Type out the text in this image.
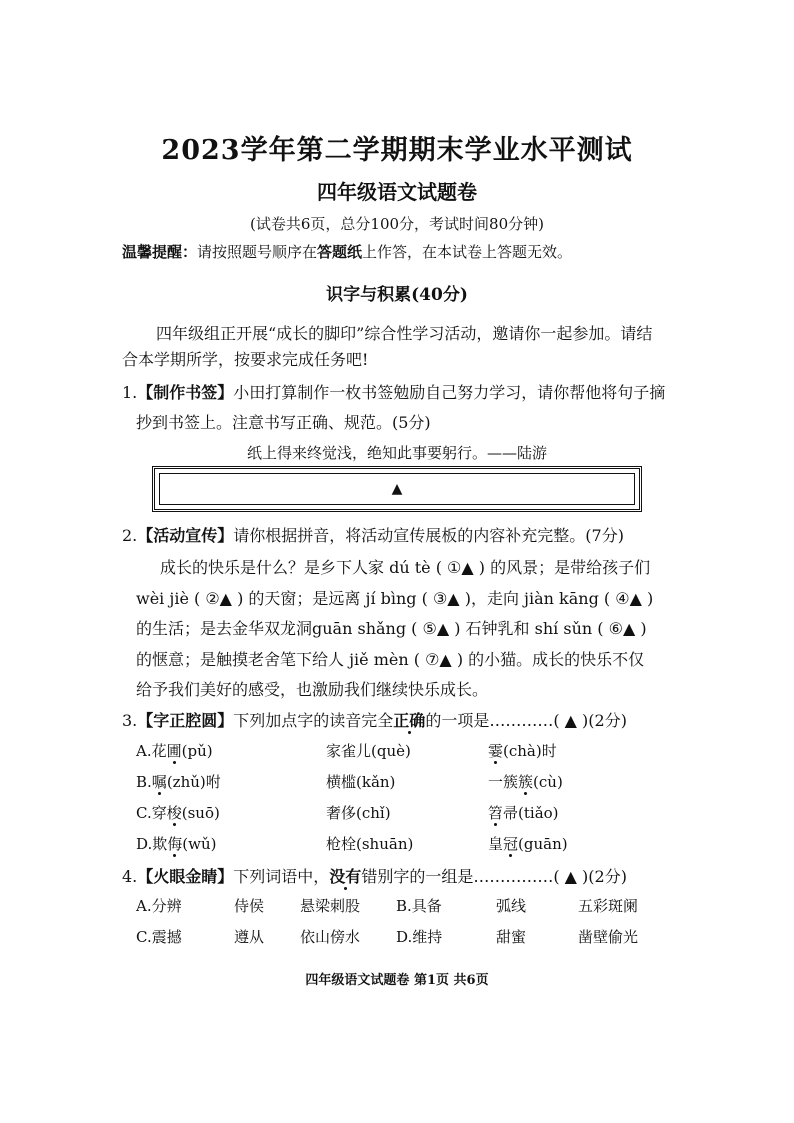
2023学年第二学期期末学业水平测试
四年级语文试题卷
(试卷共6页，总分100分，考试时间80分钟)
温馨提醒：请按照题号顺序在答题纸上作答，在本试卷上答题无效。
识字与积累(40分)
四年级组正开展“成长的脚印”综合性学习活动，邀请你一起参加。请结
合本学期所学，按要求完成任务吧!
1.【制作书签】小田打算制作一枚书签勉励自己努力学习，请你帮他将句子摘
抄到书签上。注意书写正确、规范。(5分)
纸上得来终觉浅，绝知此事要躬行。——陆游
▲
2.【活动宣传】请你根据拼音，将活动宣传展板的内容补充完整。(7分)
成长的快乐是什么？是乡下人家 dú tè ( ①▲ ) 的风景；是带给孩子们
wèi jiè ( ②▲ ) 的天窗；是远离 jí bìng ( ③▲ )，走向 jiàn kāng ( ④▲ )
的生活；是去金华双龙洞guān shǎng ( ⑤▲ ) 石钟乳和 shí sǔn ( ⑥▲ )
的惬意；是触摸老舍笔下给人 jiě mèn ( ⑦▲ ) 的小猫。成长的快乐不仅
给予我们美好的感受，也激励我们继续快乐成长。
3.【字正腔圆】下列加点字的读音完全正确的一项是…………( ▲ )(2分)
A.花圃(pǔ)	家雀儿(què)	霎(chà)时
B.嘱(zhǔ)咐	横槛(kǎn)	一簇簇(cù)
C.穿梭(suō)	奢侈(chǐ)	笤帚(tiǎo)
D.欺侮(wǔ)	枪栓(shuān)	皇冠(guān)
4.【火眼金睛】下列词语中，没有错别字的一组是……………( ▲ )(2分)
A.分辨	侍侯 悬梁刺股 B.具备	弧线	五彩斑阑
C.震撼	遵从 依山傍水 D.维持	甜蜜	凿壁偷光
四年级语文试题卷 第1页 共6页
